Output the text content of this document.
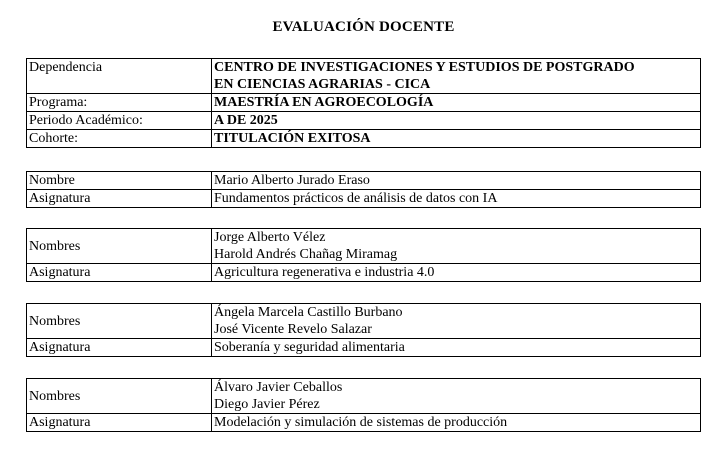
EVALUACIÓN DOCENTE
Dependencia	CENTRO DE INVESTIGACIONES Y ESTUDIOS DE POSTGRADO
EN CIENCIAS AGRARIAS - CICA

Programa:	MAESTRÍA EN AGROECOLOGÍA
Periodo Académico:	A DE 2025
Cohorte:	TITULACIÓN EXITOSA
Nombre	Mario Alberto Jurado Eraso
Asignatura	Fundamentos prácticos de análisis de datos con IA
Nombres	Jorge Alberto Vélez
Harold Andrés Chañag Miramag

Asignatura	Agricultura regenerativa e industria 4.0
Nombres	Ángela Marcela Castillo Burbano
José Vicente Revelo Salazar

Asignatura	Soberanía y seguridad alimentaria
Nombres	Álvaro Javier Ceballos
Diego Javier Pérez

Asignatura	Modelación y simulación de sistemas de producción
